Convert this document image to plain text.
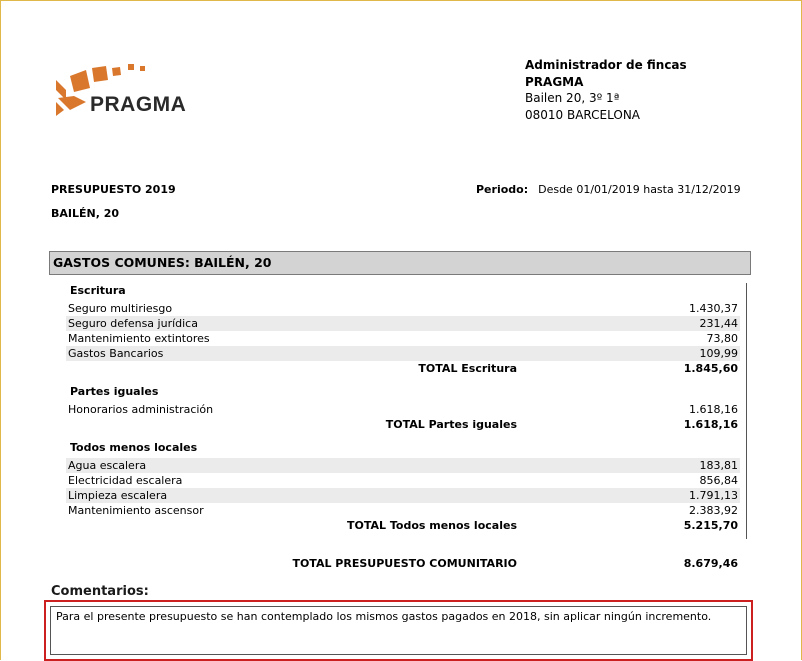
PRAGMA
Administrador de fincas
PRAGMA
Bailen 20, 3º 1ª
08010 BARCELONA
PRESUPUESTO 2019
BAILÉN, 20
Periodo: Desde 01/01/2019 hasta 31/12/2019
GASTOS COMUNES: BAILÉN, 20
Escritura
Seguro multiriesgo	1.430,37
Seguro defensa jurídica	231,44
Mantenimiento extintores	73,80
Gastos Bancarios	109,99
TOTAL Escritura	1.845,60
Partes iguales
Honorarios administración	1.618,16
TOTAL Partes iguales	1.618,16
Todos menos locales
Agua escalera	183,81
Electricidad escalera	856,84
Limpieza escalera	1.791,13
Mantenimiento ascensor	2.383,92
TOTAL Todos menos locales	5.215,70
TOTAL PRESUPUESTO COMUNITARIO	8.679,46
Comentarios:
Para el presente presupuesto se han contemplado los mismos gastos pagados en 2018, sin aplicar ningún incremento.
